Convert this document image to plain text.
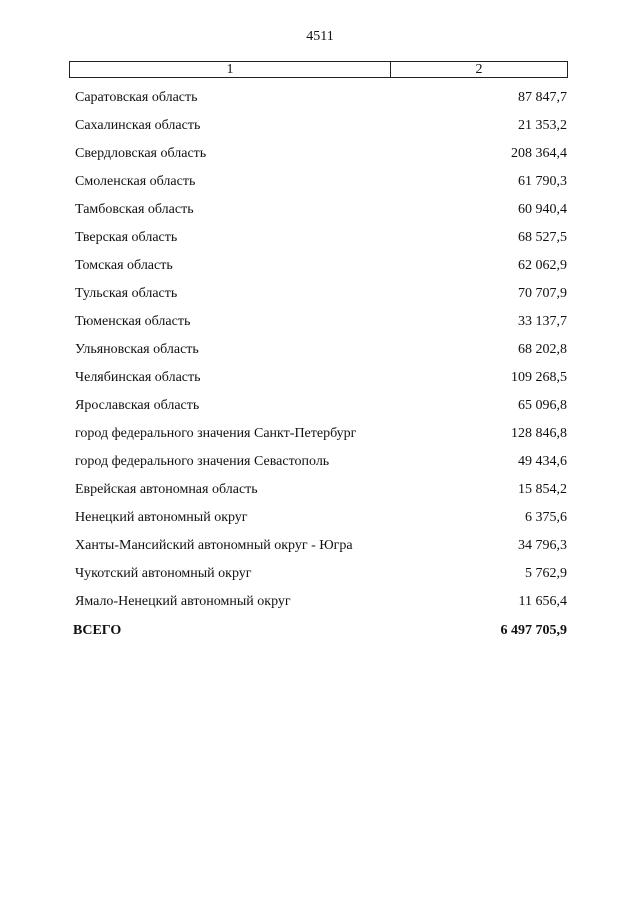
4511
1	2
Саратовская область	87 847,7
Сахалинская область	21 353,2
Свердловская область	208 364,4
Смоленская область	61 790,3
Тамбовская область	60 940,4
Тверская область	68 527,5
Томская область	62 062,9
Тульская область	70 707,9
Тюменская область	33 137,7
Ульяновская область	68 202,8
Челябинская область	109 268,5
Ярославская область	65 096,8
город федерального значения Санкт-Петербург	128 846,8
город федерального значения Севастополь	49 434,6
Еврейская автономная область	15 854,2
Ненецкий автономный округ	6 375,6
Ханты-Мансийский автономный округ - Югра	34 796,3
Чукотский автономный округ	5 762,9
Ямало-Ненецкий автономный округ	11 656,4
ВСЕГО	6 497 705,9
